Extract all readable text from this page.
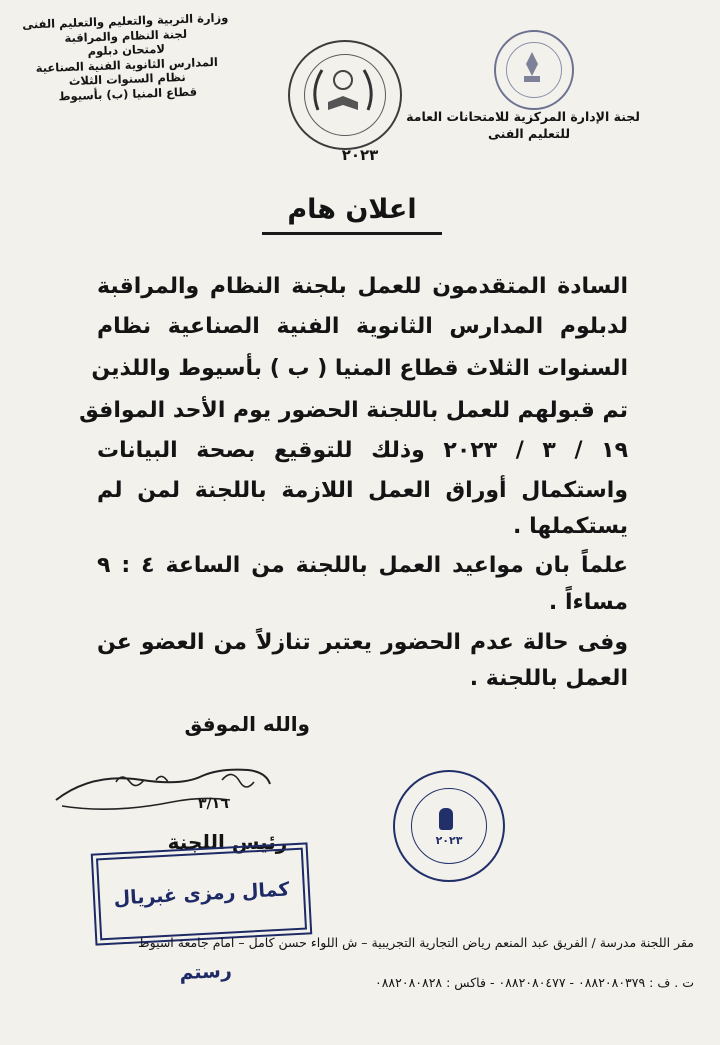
وزارة التربية والتعليم والتعليم الفنى
لجنة النظام والمراقبة
لامتحان دبلوم
المدارس الثانوية الفنية الصناعية
نظام السنوات الثلاث
قطاع المنيا (ب) بأسيوط
٢٠٢٣
لجنة الإدارة المركزية للامتحانات العامة
للتعليم الفنى
اعلان هام
السادة المتقدمون للعمل بلجنة النظام والمراقبة
لدبلوم المدارس الثانوية الفنية الصناعية نظام
السنوات الثلاث قطاع المنيا ( ب ) بأسيوط واللذين
تم قبولهم للعمل باللجنة الحضور يوم الأحد الموافق
١٩ / ٣ / ٢٠٢٣ وذلك للتوقيع بصحة البيانات
واستكمال أوراق العمل اللازمة باللجنة لمن لم
يستكملها .
علماً بان مواعيد العمل باللجنة من الساعة ٤ : ٩
مساءاً .
وفى حالة عدم الحضور يعتبر تنازلاً من العضو عن
العمل باللجنة .
والله الموفق
٣/١٦
رئيس اللجنة
كمال رمزى غبريال رستم
٢٠٢٣
مقر اللجنة مدرسة / الفريق عبد المنعم رياض التجارية التجريبية – ش اللواء حسن كامل – امام جامعة اسيوط
ت . ف : ٠٨٨٢٠٨٠٣٧٩ - ٠٨٨٢٠٨٠٤٧٧ - فاكس : ٠٨٨٢٠٨٠٨٢٨
